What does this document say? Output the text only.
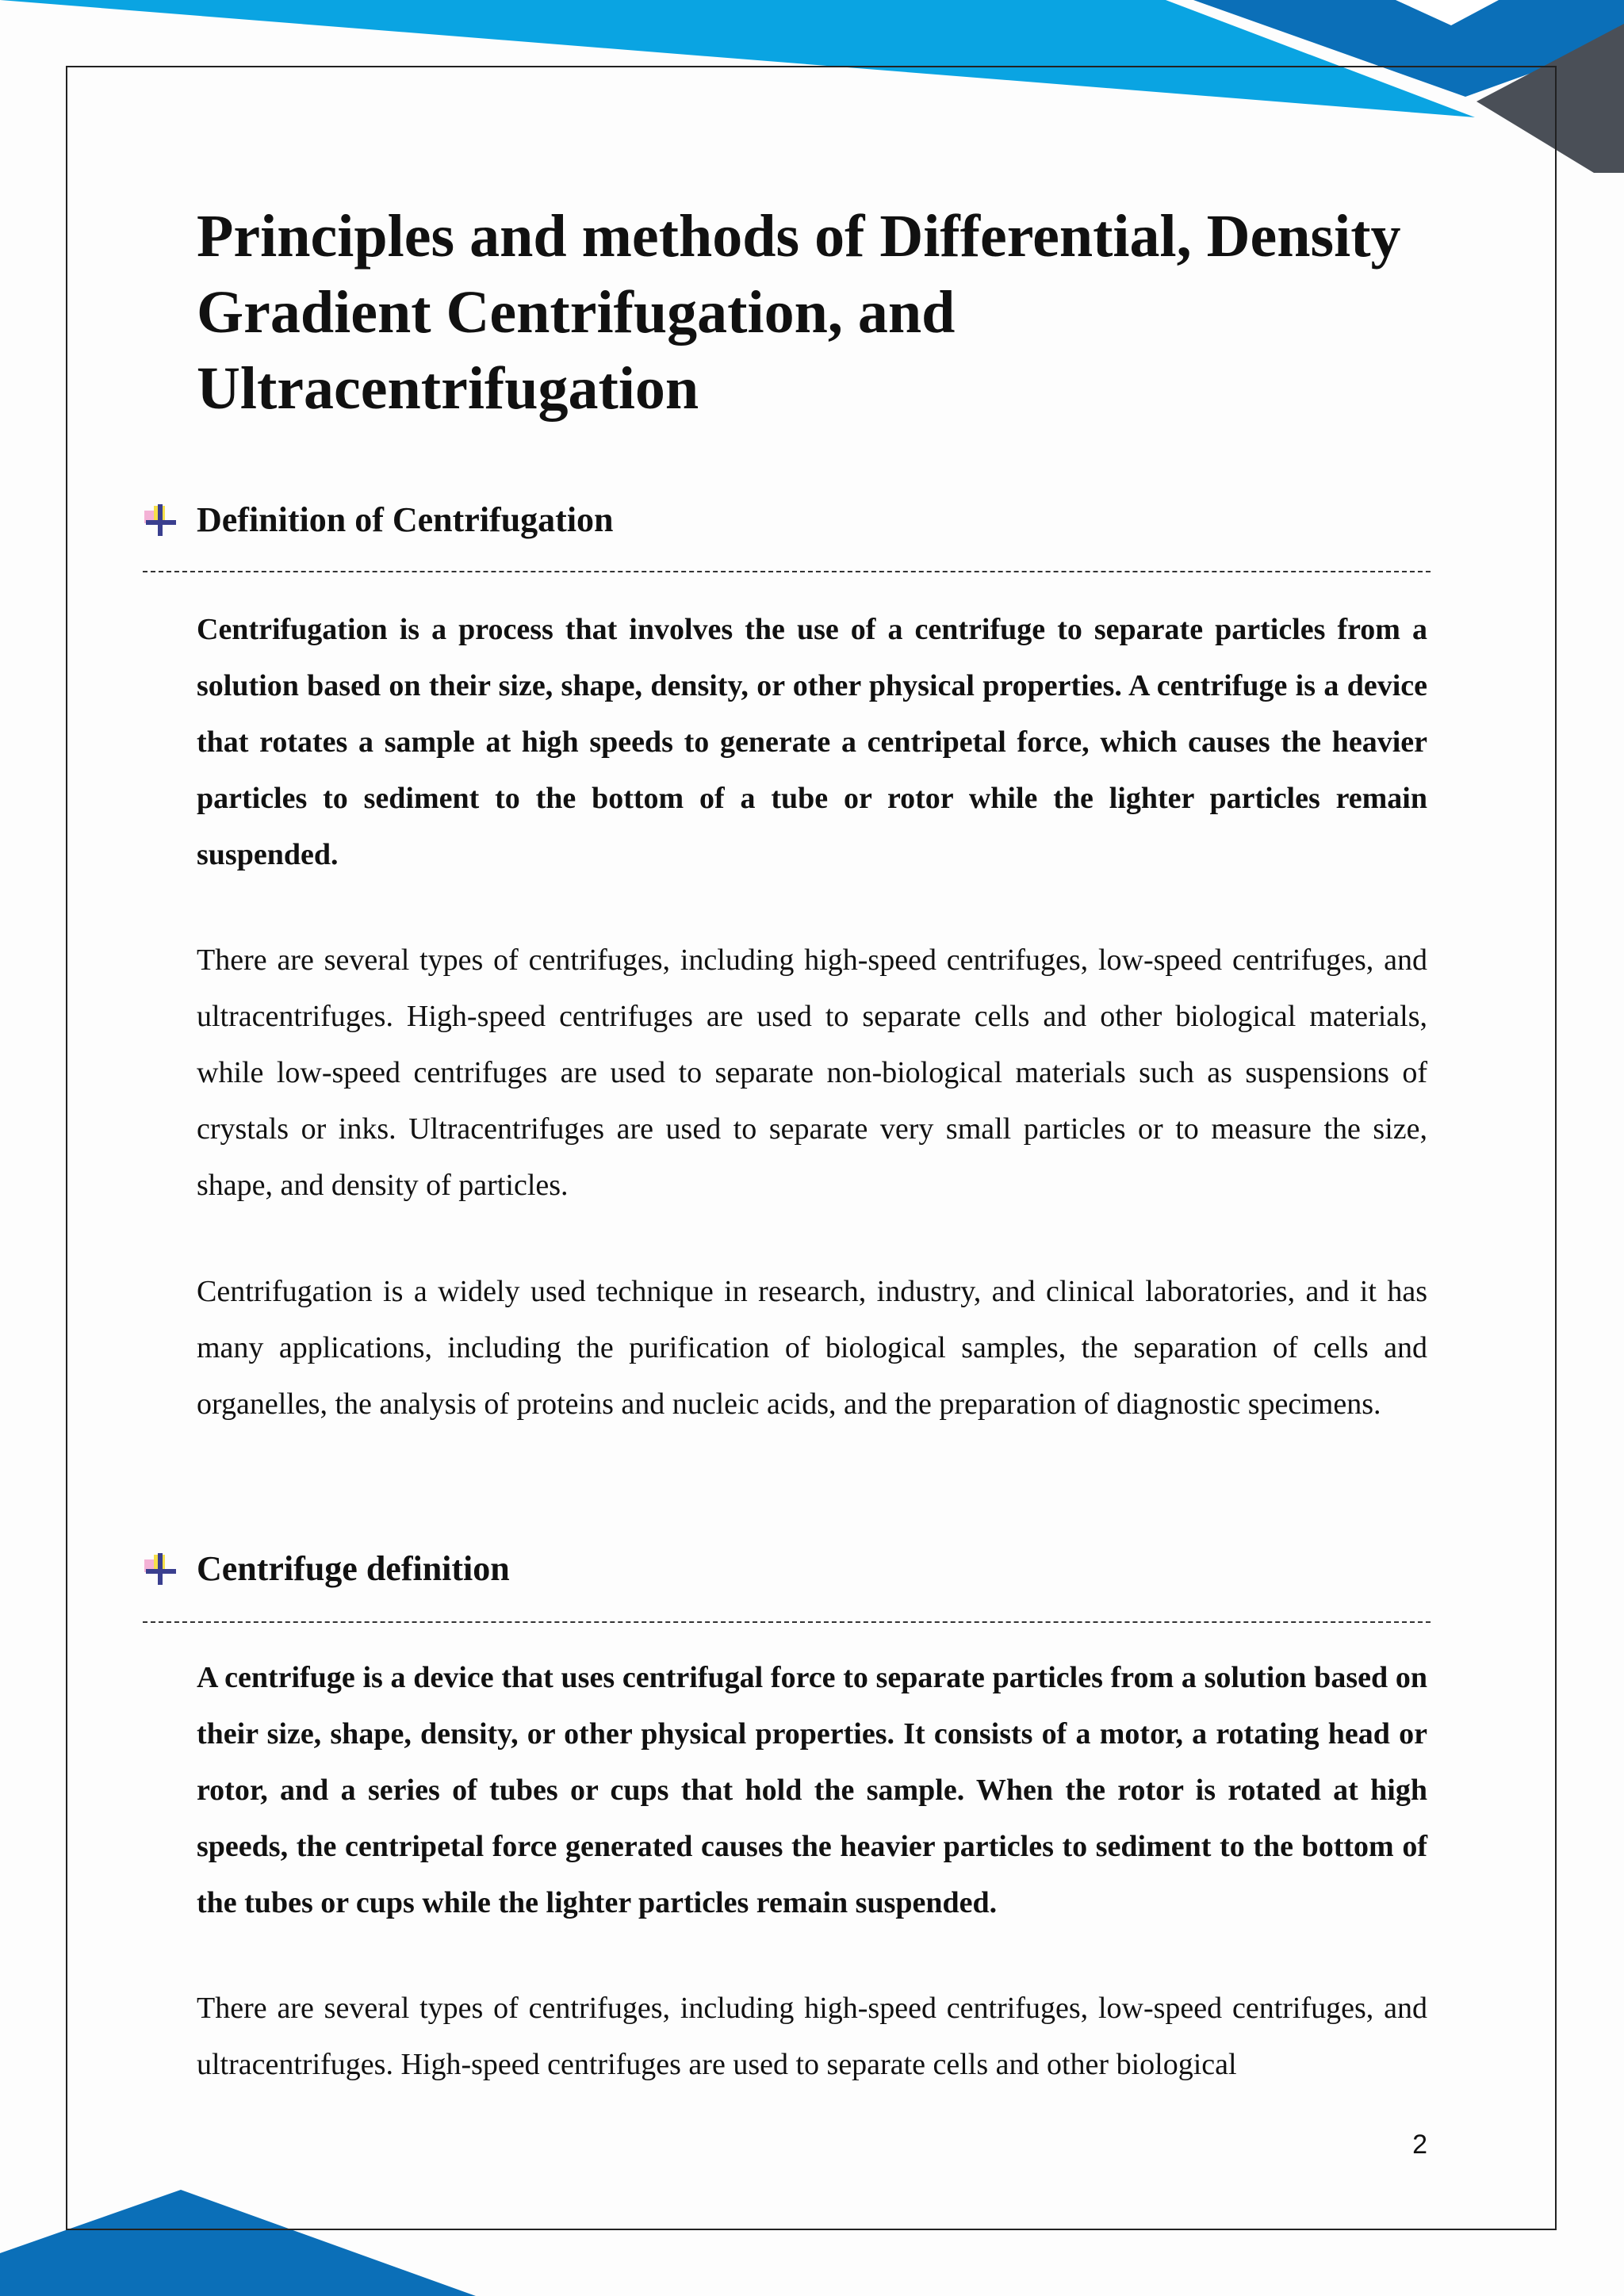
Principles and methods of Differential, Density Gradient Centrifugation, and Ultracentrifugation
Definition of Centrifugation

Centrifugation is a process that involves the use of a centrifuge to separate particles from a solution based on their size, shape, density, or other physical properties. A centrifuge is a device that rotates a sample at high speeds to generate a centripetal force, which causes the heavier particles to sediment to the bottom of a tube or rotor while the lighter particles remain suspended.

There are several types of centrifuges, including high-speed centrifuges, low-speed centrifuges, and ultracentrifuges. High-speed centrifuges are used to separate cells and other biological materials, while low-speed centrifuges are used to separate non-biological materials such as suspensions of crystals or inks. Ultracentrifuges are used to separate very small particles or to measure the size, shape, and density of particles.

Centrifugation is a widely used technique in research, industry, and clinical laboratories, and it has many applications, including the purification of biological samples, the separation of cells and organelles, the analysis of proteins and nucleic acids, and the preparation of diagnostic specimens.

Centrifuge definition

A centrifuge is a device that uses centrifugal force to separate particles from a solution based on their size, shape, density, or other physical properties. It consists of a motor, a rotating head or rotor, and a series of tubes or cups that hold the sample. When the rotor is rotated at high speeds, the centripetal force generated causes the heavier particles to sediment to the bottom of the tubes or cups while the lighter particles remain suspended.

There are several types of centrifuges, including high-speed centrifuges, low-speed centrifuges, and ultracentrifuges. High-speed centrifuges are used to separate cells and other biological

2
